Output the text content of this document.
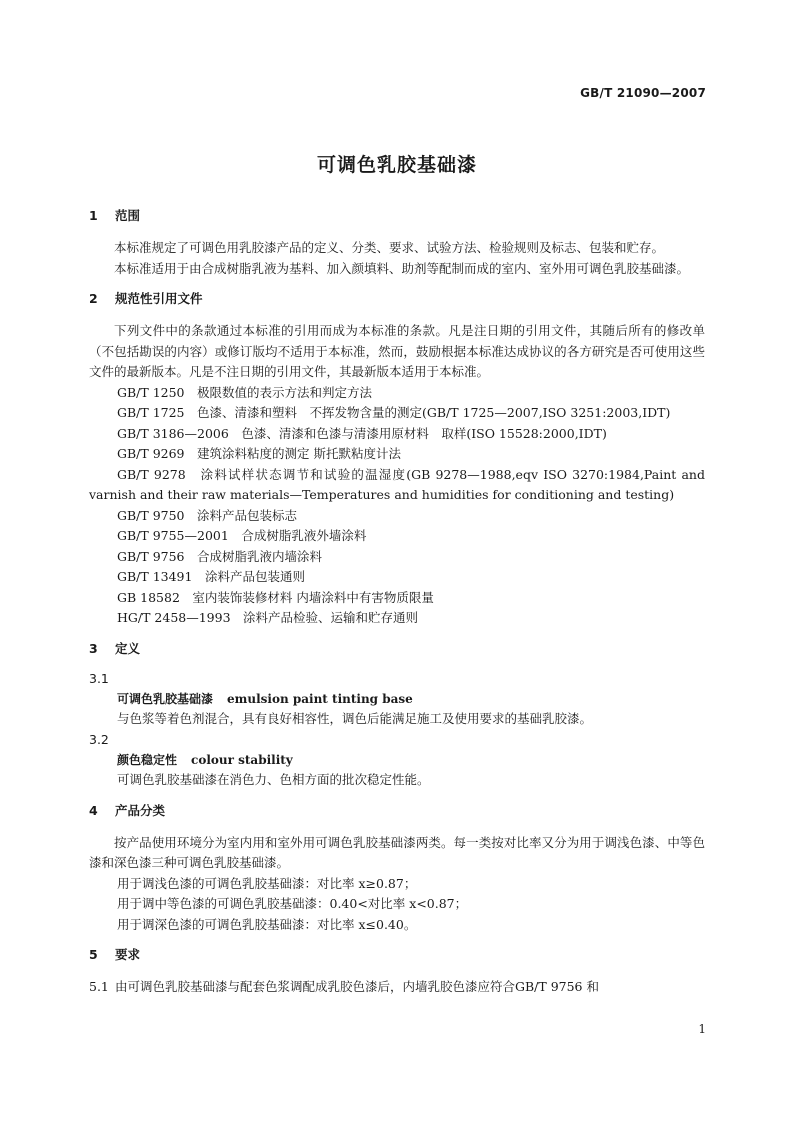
GB/T 21090—2007
可调色乳胶基础漆

1 范围

本标准规定了可调色用乳胶漆产品的定义、分类、要求、试验方法、检验规则及标志、包装和贮存。

本标准适用于由合成树脂乳液为基料、加入颜填料、助剂等配制而成的室内、室外用可调色乳胶基础漆。

2 规范性引用文件

下列文件中的条款通过本标准的引用而成为本标准的条款。凡是注日期的引用文件，其随后所有的修改单（不包括勘误的内容）或修订版均不适用于本标准，然而，鼓励根据本标准达成协议的各方研究是否可使用这些文件的最新版本。凡是不注日期的引用文件，其最新版本适用于本标准。

GB/T 1250　极限数值的表示方法和判定方法

GB/T 1725　色漆、清漆和塑料　不挥发物含量的测定(GB/T 1725—2007,ISO 3251:2003,IDT)

GB/T 3186—2006　色漆、清漆和色漆与清漆用原材料　取样(ISO 15528:2000,IDT)

GB/T 9269　建筑涂料粘度的测定 斯托默粘度计法

GB/T 9278　涂料试样状态调节和试验的温湿度(GB 9278—1988,eqv ISO 3270:1984,Paint and varnish and their raw materials—Temperatures and humidities for conditioning and testing)

GB/T 9750　涂料产品包装标志

GB/T 9755—2001　合成树脂乳液外墙涂料

GB/T 9756　合成树脂乳液内墙涂料

GB/T 13491　涂料产品包装通则

GB 18582　室内装饰装修材料 内墙涂料中有害物质限量

HG/T 2458—1993　涂料产品检验、运输和贮存通则

3 定义

3.1

可调色乳胶基础漆 emulsion paint tinting base

与色浆等着色剂混合，具有良好相容性，调色后能满足施工及使用要求的基础乳胶漆。

3.2

颜色稳定性 colour stability

可调色乳胶基础漆在消色力、色相方面的批次稳定性能。

4 产品分类

按产品使用环境分为室内用和室外用可调色乳胶基础漆两类。每一类按对比率又分为用于调浅色漆、中等色漆和深色漆三种可调色乳胶基础漆。

用于调浅色漆的可调色乳胶基础漆：对比率 x≥0.87；

用于调中等色漆的可调色乳胶基础漆：0.40<对比率 x<0.87；

用于调深色漆的可调色乳胶基础漆：对比率 x≤0.40。

5 要求

5.1 由可调色乳胶基础漆与配套色浆调配成乳胶色漆后，内墙乳胶色漆应符合GB/T 9756 和

1
